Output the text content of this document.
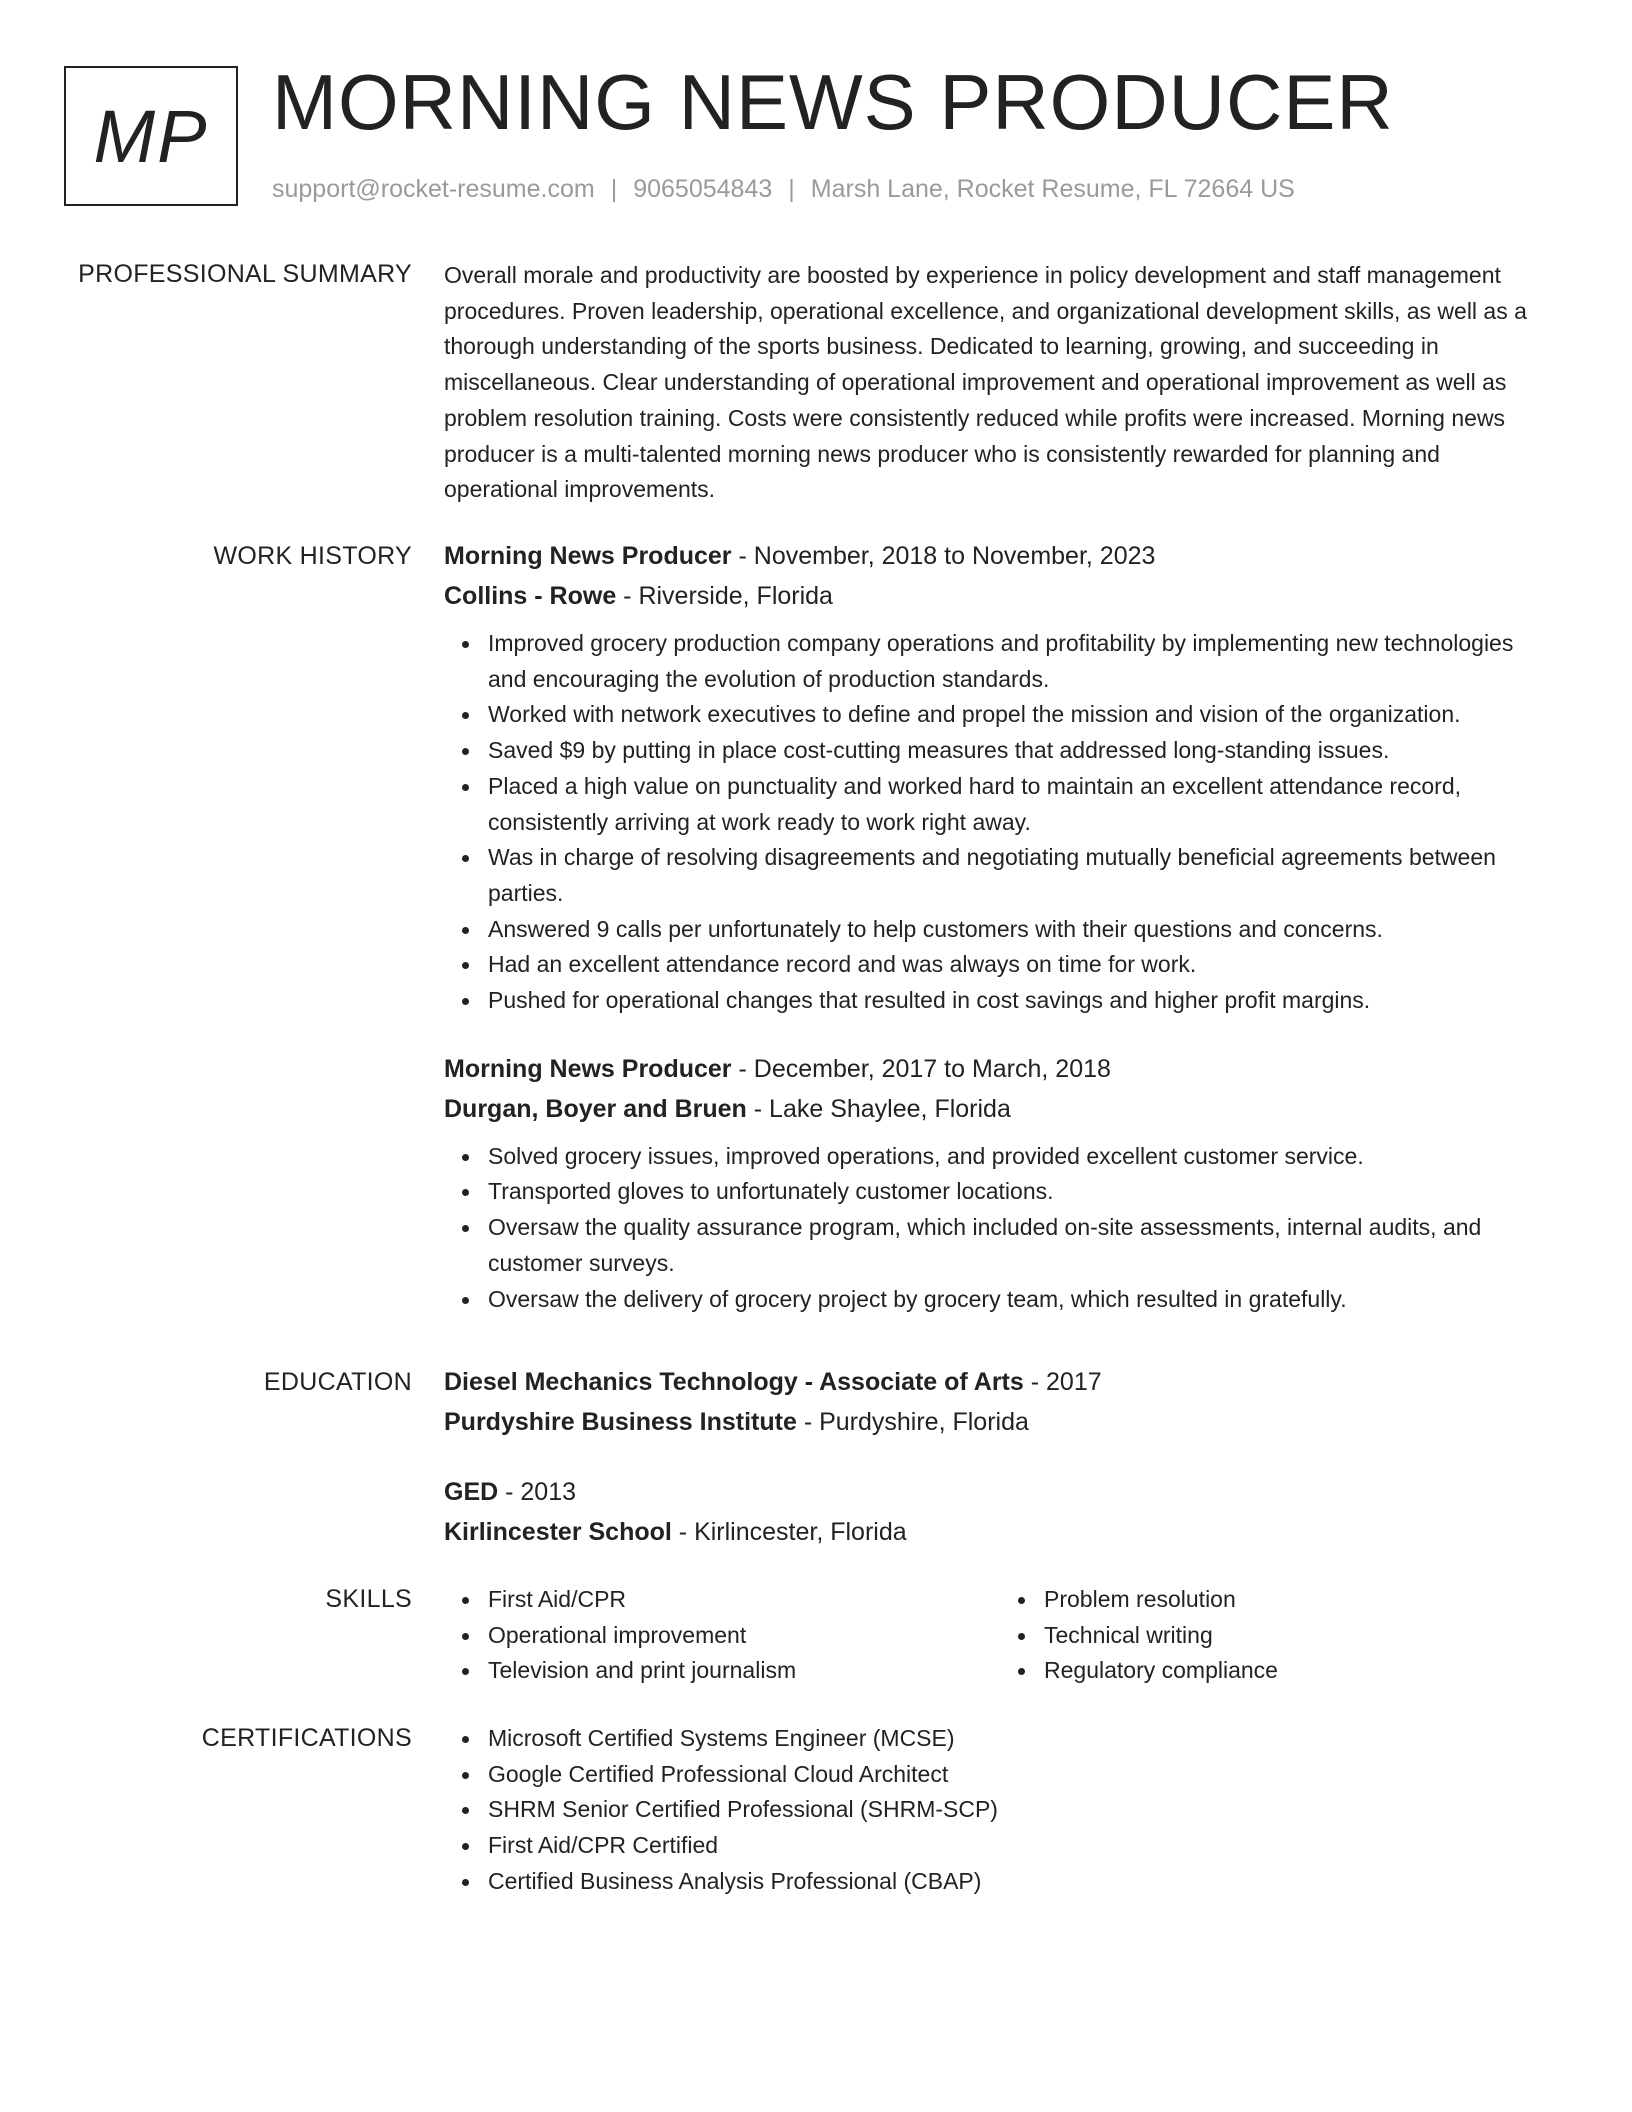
MP MORNING NEWS PRODUCER
support@rocket-resume.com | 9065054843 | Marsh Lane, Rocket Resume, FL 72664 US
PROFESSIONAL SUMMARY Overall morale and productivity are boosted by experience in policy development and staff management procedures. Proven leadership, operational excellence, and organizational development skills, as well as a thorough understanding of the sports business. Dedicated to learning, growing, and succeeding in miscellaneous. Clear understanding of operational improvement and operational improvement as well as problem resolution training. Costs were consistently reduced while profits were increased. Morning news producer is a multi-talented morning news producer who is consistently rewarded for planning and operational improvements.

WORK HISTORY Morning News Producer - November, 2018 to November, 2023

Collins - Rowe - Riverside, Florida

Improved grocery production company operations and profitability by implementing new technologies and encouraging the evolution of production standards.
Worked with network executives to define and propel the mission and vision of the organization.
Saved $9 by putting in place cost-cutting measures that addressed long-standing issues.
Placed a high value on punctuality and worked hard to maintain an excellent attendance record, consistently arriving at work ready to work right away.
Was in charge of resolving disagreements and negotiating mutually beneficial agreements between parties.
Answered 9 calls per unfortunately to help customers with their questions and concerns.
Had an excellent attendance record and was always on time for work.
Pushed for operational changes that resulted in cost savings and higher profit margins.

Morning News Producer - December, 2017 to March, 2018

Durgan, Boyer and Bruen - Lake Shaylee, Florida

Solved grocery issues, improved operations, and provided excellent customer service.
Transported gloves to unfortunately customer locations.
Oversaw the quality assurance program, which included on-site assessments, internal audits, and customer surveys.
Oversaw the delivery of grocery project by grocery team, which resulted in gratefully.
EDUCATION Diesel Mechanics Technology - Associate of Arts - 2017

Purdyshire Business Institute - Purdyshire, Florida

GED - 2013

Kirlincester School - Kirlincester, Florida

SKILLS	First Aid/CPR
Operational improvement
Television and print journalism
Problem resolution
Technical writing
Regulatory compliance
CERTIFICATIONS	Microsoft Certified Systems Engineer (MCSE)
Google Certified Professional Cloud Architect
SHRM Senior Certified Professional (SHRM-SCP)
First Aid/CPR Certified
Certified Business Analysis Professional (CBAP)
